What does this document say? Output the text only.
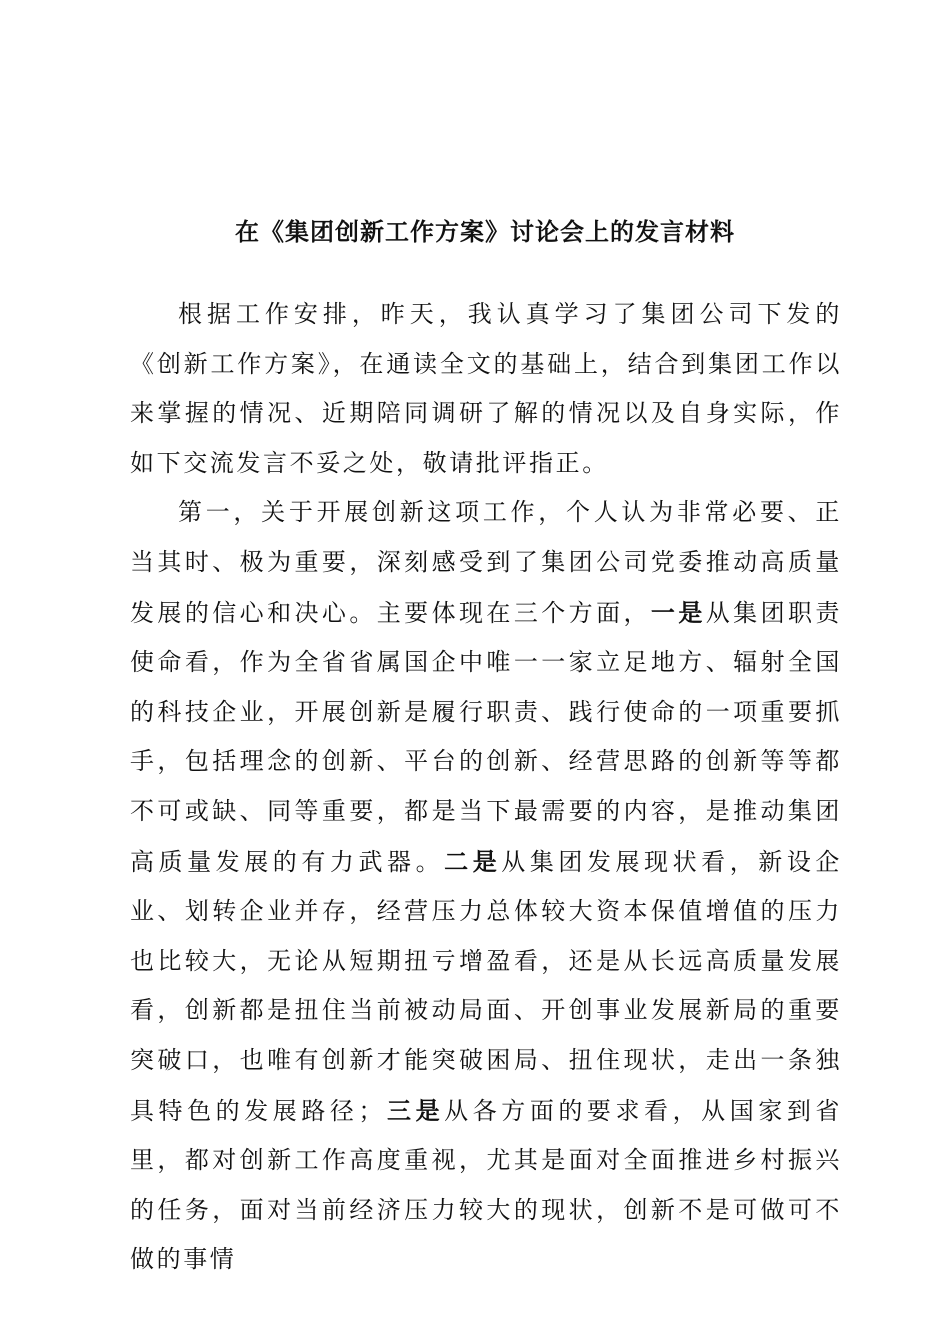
在《集团创新工作方案》讨论会上的发言材料

根据工作安排，昨天，我认真学习了集团公司下发的《创新工作方案》，在通读全文的基础上，结合到集团工作以来掌握的情况、近期陪同调研了解的情况以及自身实际，作如下交流发言不妥之处，敬请批评指正。

第一，关于开展创新这项工作，个人认为非常必要、正当其时、极为重要，深刻感受到了集团公司党委推动高质量发展的信心和决心。主要体现在三个方面，一是从集团职责使命看，作为全省省属国企中唯一一家立足地方、辐射全国的科技企业，开展创新是履行职责、践行使命的一项重要抓手，包括理念的创新、平台的创新、经营思路的创新等等都不可或缺、同等重要，都是当下最需要的内容，是推动集团高质量发展的有力武器。二是从集团发展现状看，新设企业、划转企业并存，经营压力总体较大资本保值增值的压力也比较大，无论从短期扭亏增盈看，还是从长远高质量发展看，创新都是扭住当前被动局面、开创事业发展新局的重要突破口，也唯有创新才能突破困局、扭住现状，走出一条独具特色的发展路径；三是从各方面的要求看，从国家到省里，都对创新工作高度重视，尤其是面对全面推进乡村振兴的任务，面对当前经济压力较大的现状，创新不是可做可不做的事情
